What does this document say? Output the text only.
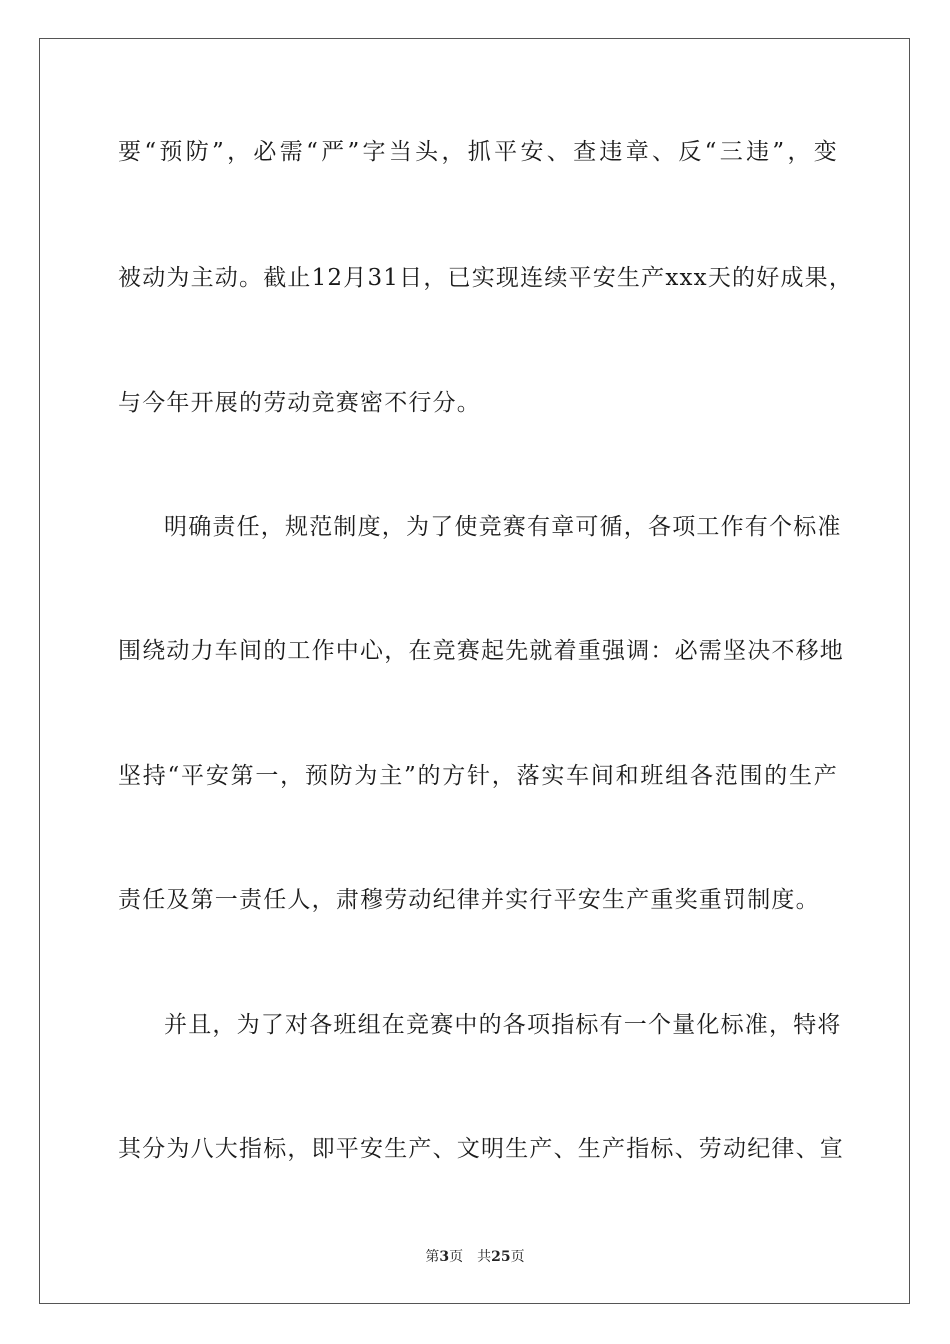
要“预防”，必需“严”字当头，抓平安、查违章、反“三违”，变
被动为主动。截止12月31日，已实现连续平安生产xxx天的好成果，
与今年开展的劳动竞赛密不行分。
明确责任，规范制度，为了使竞赛有章可循，各项工作有个标准
围绕动力车间的工作中心，在竞赛起先就着重强调：必需坚决不移地
坚持“平安第一，预防为主”的方针，落实车间和班组各范围的生产
责任及第一责任人，肃穆劳动纪律并实行平安生产重奖重罚制度。
并且，为了对各班组在竞赛中的各项指标有一个量化标准，特将
其分为八大指标，即平安生产、文明生产、生产指标、劳动纪律、宣
第3页 共25页
